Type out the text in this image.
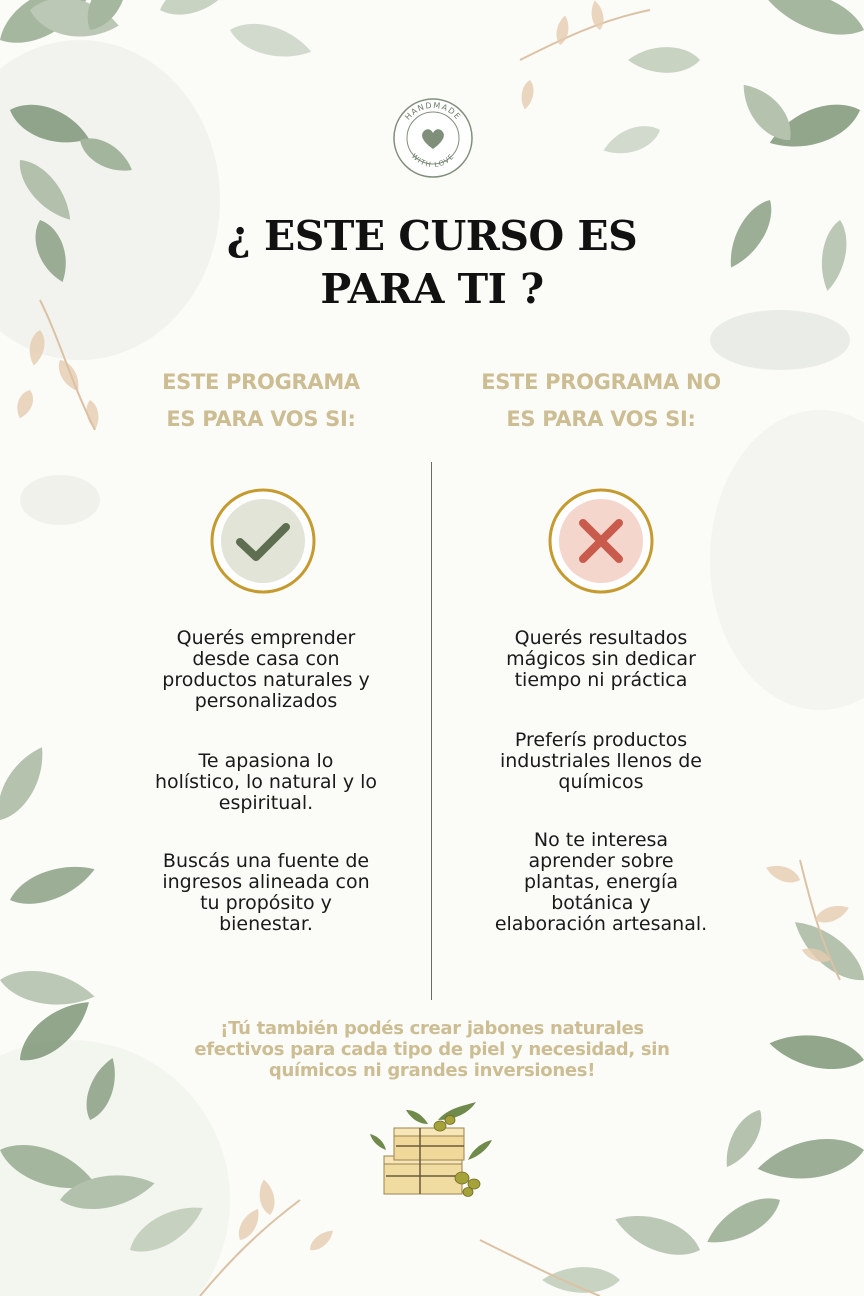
HANDMADE
WITH LOVE
¿ ESTE CURSO ES
PARA TI ?
ESTE PROGRAMA
ES PARA VOS SI:
ESTE PROGRAMA NO
ES PARA VOS SI:
Querés emprender
desde casa con
productos naturales y
personalizados
Te apasiona lo
holístico, lo natural y lo
espiritual.
Buscás una fuente de
ingresos alineada con
tu propósito y
bienestar.
Querés resultados
mágicos sin dedicar
tiempo ni práctica
Preferís productos
industriales llenos de
químicos
No te interesa
aprender sobre
plantas, energía
botánica y
elaboración artesanal.
¡Tú también podés crear jabones naturales
efectivos para cada tipo de piel y necesidad, sin
químicos ni grandes inversiones!
